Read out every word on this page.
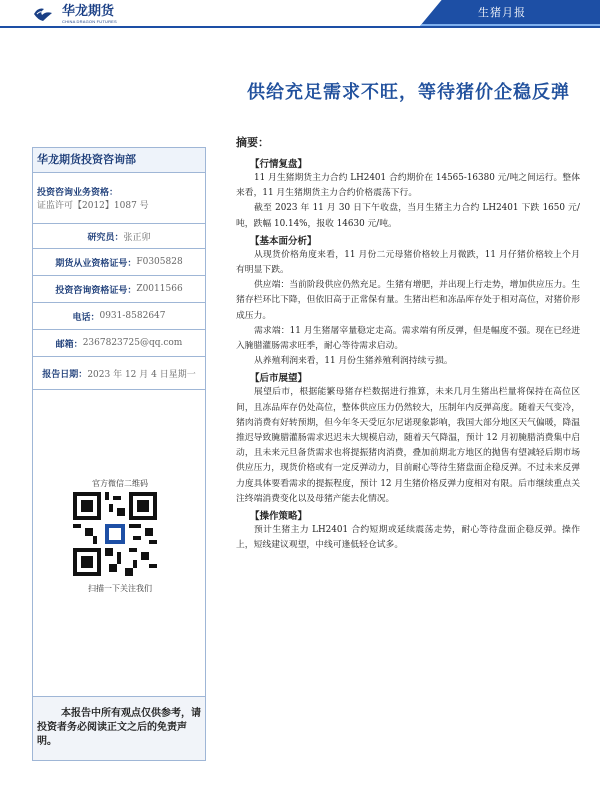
华龙期货
CHINA DRAGON FUTURES
生猪月报
供给充足需求不旺，等待猪价企稳反弹
华龙期货投资咨询部
投资咨询业务资格：
证监许可【2012】1087 号
研究员： 张正卯
期货从业资格证号： F0305828
投资咨询资格证号： Z0011566
电话： 0931-8582647
邮箱： 2367823725@qq.com
报告日期： 2023 年 12 月 4 日星期一
官方微信二维码
扫描一下关注我们
本报告中所有观点仅供参考，请投资者务必阅读正文之后的免责声明。
摘要：
【行情复盘】

11 月生猪期货主力合约 LH2401 合约期价在 14565-16380 元/吨之间运行。整体来看，11 月生猪期货主力合约价格震荡下行。

截至 2023 年 11 月 30 日下午收盘，当月生猪主力合约 LH2401 下跌 1650 元/吨，跌幅 10.14%，报收 14630 元/吨。

【基本面分析】

从现货价格角度来看，11 月份二元母猪价格较上月微跌，11 月仔猪价格较上个月有明显下跌。

供应端：当前阶段供应仍然充足。生猪有增肥，并出现上行走势，增加供应压力。生猪存栏环比下降，但依旧高于正常保有量。生猪出栏和冻品库存处于相对高位，对猪价形成压力。

需求端：11 月生猪屠宰量稳定走高。需求端有所反弹，但是幅度不强。现在已经进入腌腊灌肠需求旺季，耐心等待需求启动。

从养殖利润来看，11 月份生猪养殖利润持续亏损。

【后市展望】

展望后市，根据能繁母猪存栏数据进行推算，未来几月生猪出栏量将保持在高位区间，且冻品库存仍处高位，整体供应压力仍然较大，压制年内反弹高度。随着天气变冷，猪肉消费有好转预期，但今年冬天受厄尔尼诺现象影响，我国大部分地区天气偏暖，降温推迟导致腌腊灌肠需求迟迟未大规模启动，随着天气降温，预计 12 月初腌腊消费集中启动，且未来元旦备货需求也将提振猪肉消费，叠加前期北方地区的抛售有望减轻后期市场供应压力，现货价格或有一定反弹动力，目前耐心等待生猪盘面企稳反弹。不过未来反弹力度具体要看需求的提振程度，预计 12 月生猪价格反弹力度相对有限。后市继续重点关注终端消费变化以及母猪产能去化情况。

【操作策略】

预计生猪主力 LH2401 合约短期或延续震荡走势，耐心等待盘面企稳反弹。操作上，短线建议观望，中线可逢低轻仓试多。
